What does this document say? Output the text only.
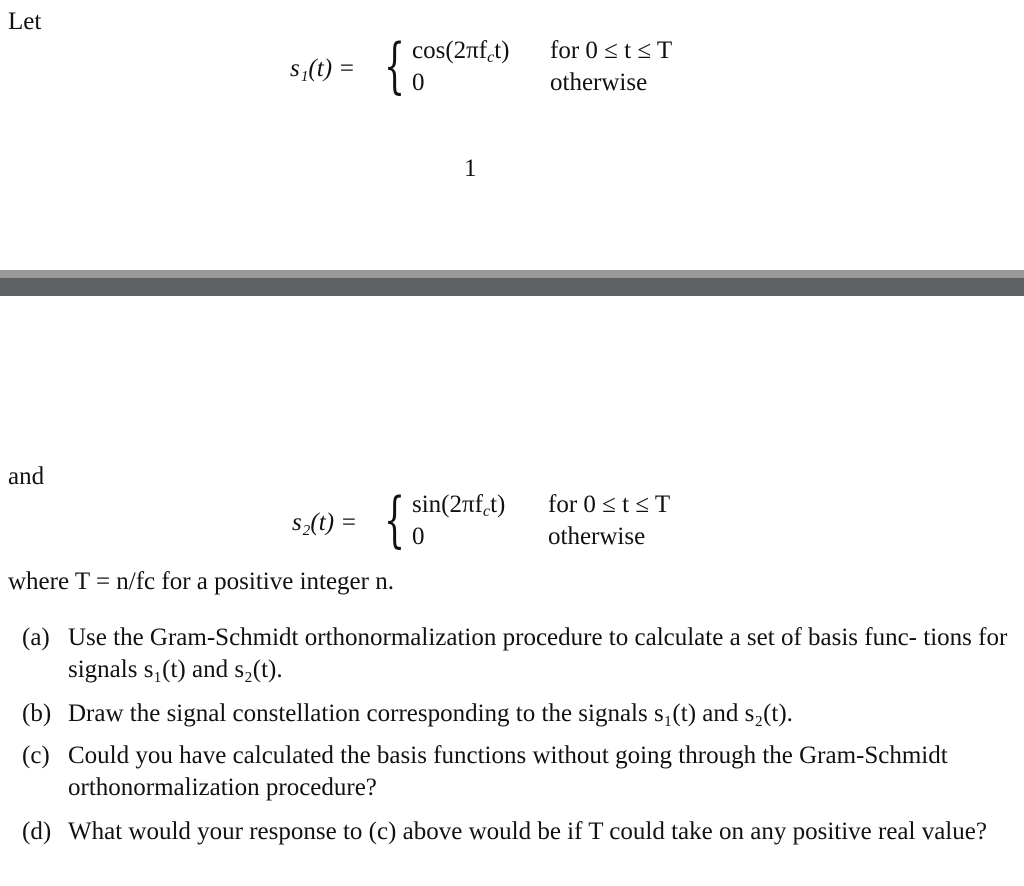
Let
s₁(t) = { $\cos(2\pi f_ct)$ for 0 ≤ t ≤ T
0	otherwise
1
and
s₂(t) = { $\sin(2\pi f_ct)$ for 0 ≤ t ≤ T
0	otherwise
where T = n/fc for a positive integer n.
(a) Use the Gram-Schmidt orthonormalization procedure to calculate a set of basis func- tions for signals s₁(t) and s₂(t).
(b) Draw the signal constellation corresponding to the signals s₁(t) and s₂(t).
(c) Could you have calculated the basis functions without going through the Gram-Schmidt orthonormalization procedure?
(d) What would your response to (c) above would be if T could take on any positive real value?
